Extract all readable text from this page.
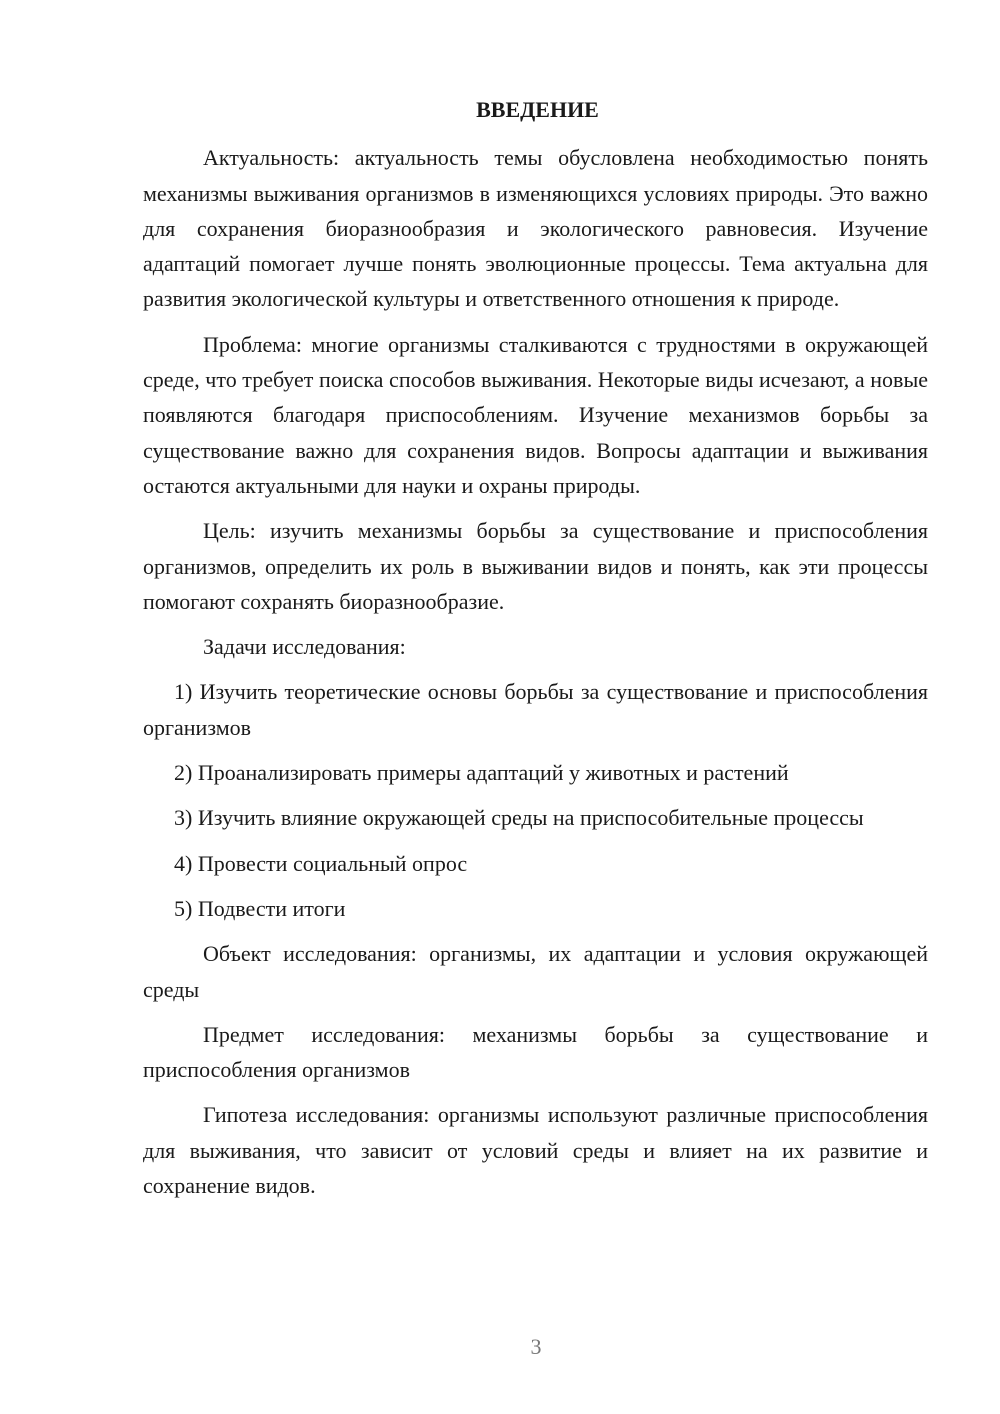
ВВЕДЕНИЕ

Актуальность: актуальность темы обусловлена необходимостью понять механизмы выживания организмов в изменяющихся условиях природы. Это важно для сохранения биоразнообразия и экологического равновесия. Изучение адаптаций помогает лучше понять эволюционные процессы. Тема актуальна для развития экологической культуры и ответственного отношения к природе.

Проблема: многие организмы сталкиваются с трудностями в окружающей среде, что требует поиска способов выживания. Некоторые виды исчезают, а новые появляются благодаря приспособлениям. Изучение механизмов борьбы за существование важно для сохранения видов. Вопросы адаптации и выживания остаются актуальными для науки и охраны природы.

Цель: изучить механизмы борьбы за существование и приспособления организмов, определить их роль в выживании видов и понять, как эти процессы помогают сохранять биоразнообразие.

Задачи исследования:

1) Изучить теоретические основы борьбы за существование и приспособления организмов

2) Проанализировать примеры адаптаций у животных и растений

3) Изучить влияние окружающей среды на приспособительные процессы

4) Провести социальный опрос

5) Подвести итоги

Объект исследования: организмы, их адаптации и условия окружающей среды

Предмет исследования: механизмы борьбы за существование и приспособления организмов

Гипотеза исследования: организмы используют различные приспособления для выживания, что зависит от условий среды и влияет на их развитие и сохранение видов.

3
